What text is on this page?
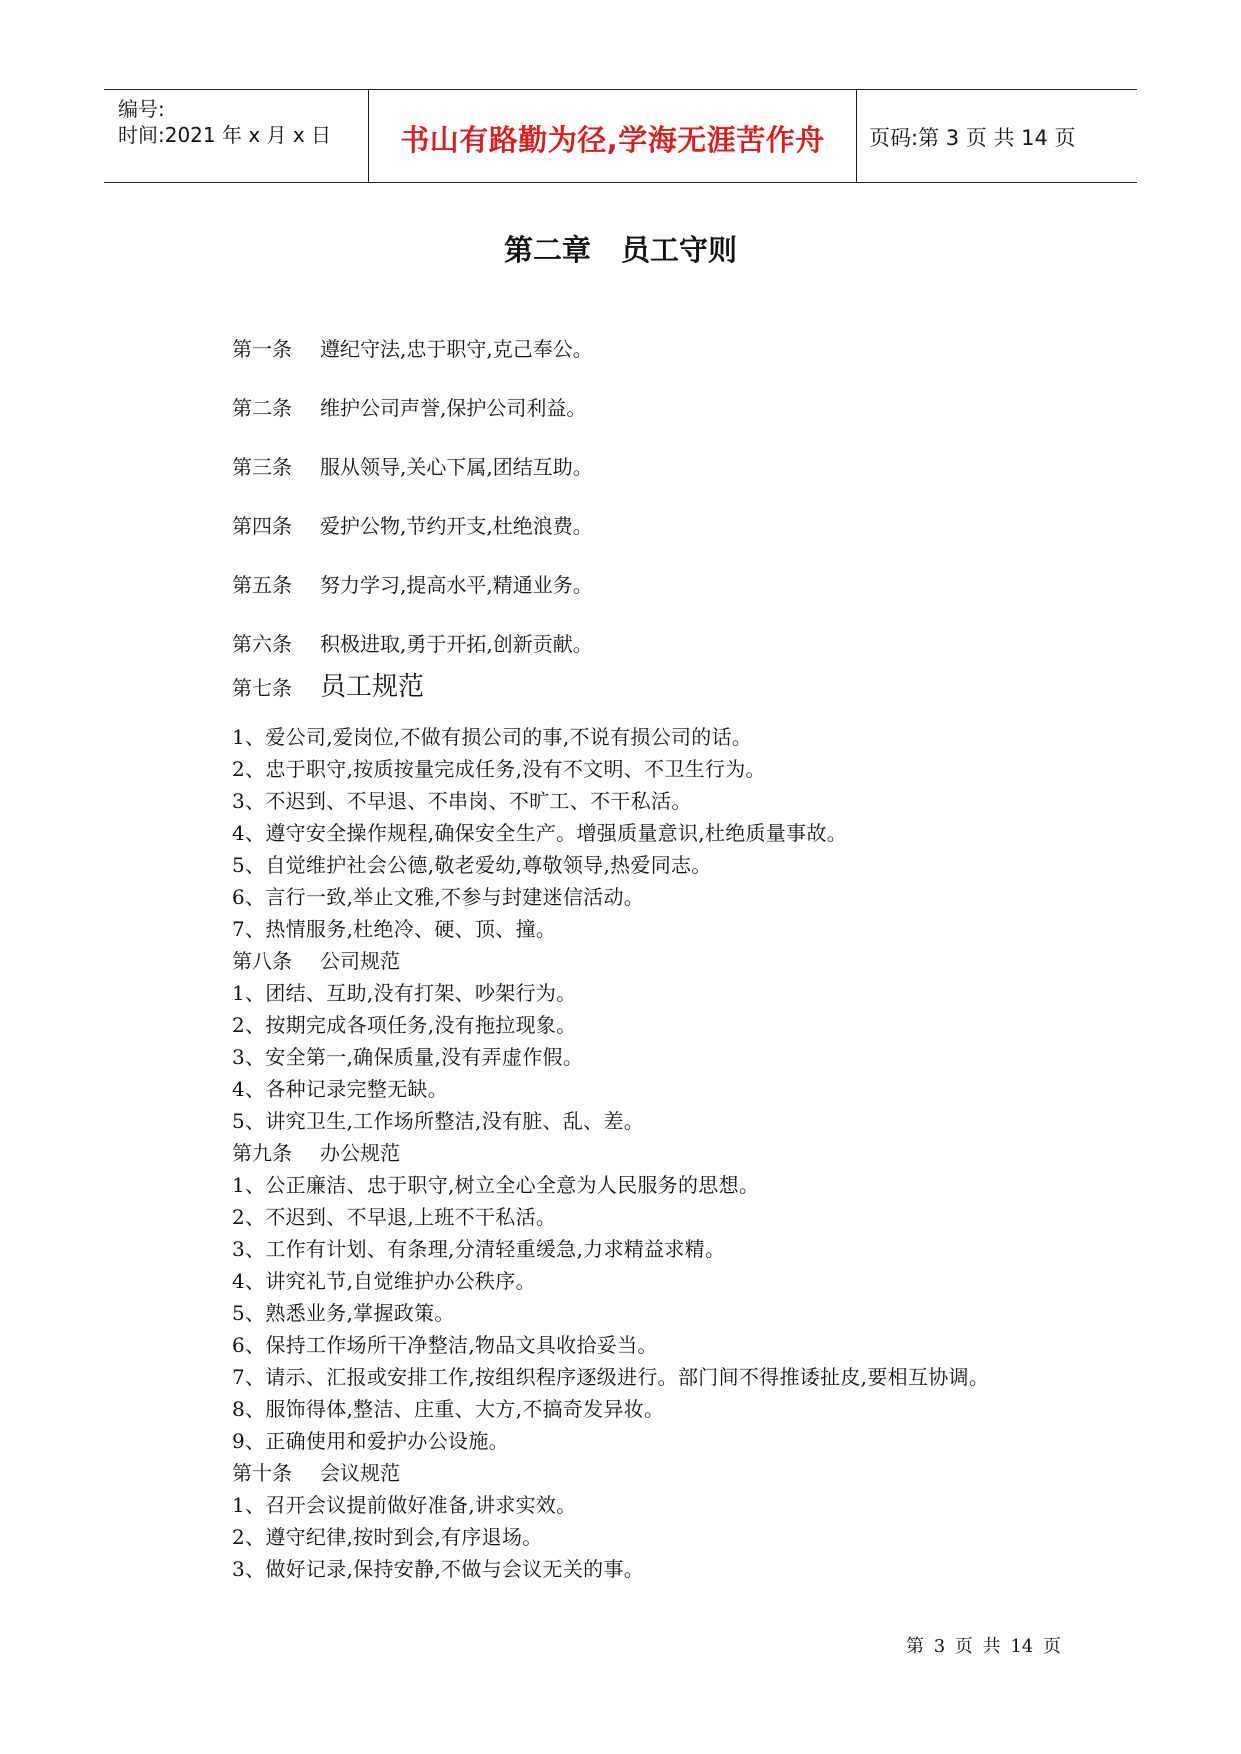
编号:
时间:2021 年 x 月 x 日	书山有路勤为径,学海无涯苦作舟	页码:第 3 页 共 14 页
第二章 员工守则
第一条 遵纪守法,忠于职守,克己奉公。
第二条 维护公司声誉,保护公司利益。
第三条 服从领导,关心下属,团结互助。
第四条 爱护公物,节约开支,杜绝浪费。
第五条 努力学习,提高水平,精通业务。
第六条 积极进取,勇于开拓,创新贡献。
第七条 员工规范
1、爱公司,爱岗位,不做有损公司的事,不说有损公司的话。
2、忠于职守,按质按量完成任务,没有不文明、不卫生行为。
3、不迟到、不早退、不串岗、不旷工、不干私活。
4、遵守安全操作规程,确保安全生产。增强质量意识,杜绝质量事故。
5、自觉维护社会公德,敬老爱幼,尊敬领导,热爱同志。
6、言行一致,举止文雅,不参与封建迷信活动。
7、热情服务,杜绝冷、硬、顶、撞。
第八条 公司规范
1、团结、互助,没有打架、吵架行为。
2、按期完成各项任务,没有拖拉现象。
3、安全第一,确保质量,没有弄虚作假。
4、各种记录完整无缺。
5、讲究卫生,工作场所整洁,没有脏、乱、差。
第九条 办公规范
1、公正廉洁、忠于职守,树立全心全意为人民服务的思想。
2、不迟到、不早退,上班不干私活。
3、工作有计划、有条理,分清轻重缓急,力求精益求精。
4、讲究礼节,自觉维护办公秩序。
5、熟悉业务,掌握政策。
6、保持工作场所干净整洁,物品文具收拾妥当。
7、请示、汇报或安排工作,按组织程序逐级进行。部门间不得推诿扯皮,要相互协调。
8、服饰得体,整洁、庄重、大方,不搞奇发异妆。
9、正确使用和爱护办公设施。
第十条 会议规范
1、召开会议提前做好准备,讲求实效。
2、遵守纪律,按时到会,有序退场。
3、做好记录,保持安静,不做与会议无关的事。
第 3 页 共 14 页
